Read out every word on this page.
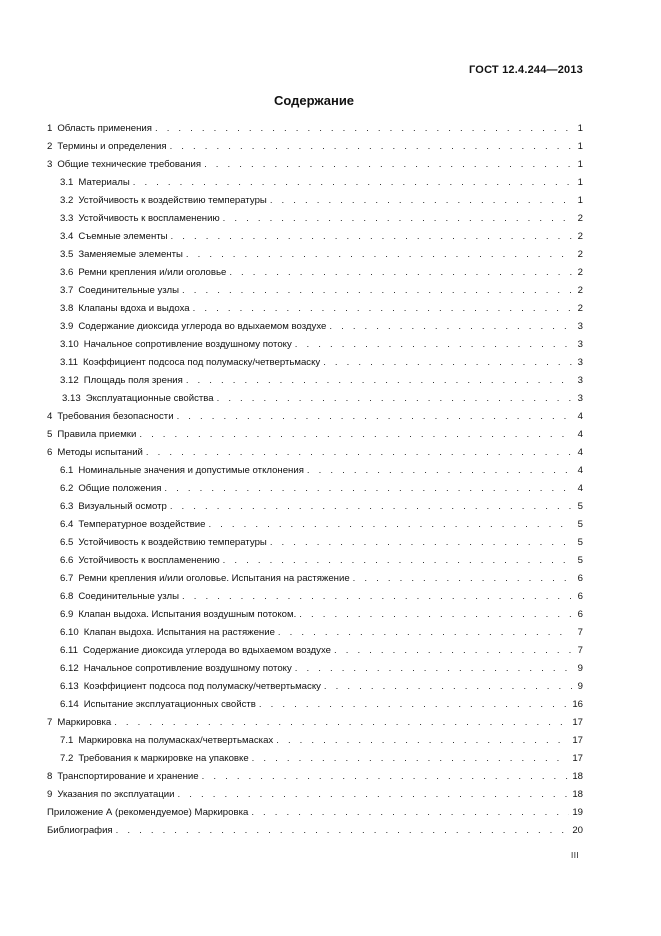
ГОСТ 12.4.244—2013
Содержание
1 Область применения . . .	1
2 Термины и определения . . .	1
3 Общие технические требования . . .	1
3.1 Материалы . . .	1
3.2 Устойчивость к воздействию температуры . . .	1
3.3 Устойчивость к воспламенению . . .	2
3.4 Съемные элементы . . .	2
3.5 Заменяемые элементы . . .	2
3.6 Ремни крепления и/или оголовье . . .	2
3.7 Соединительные узлы . . .	2
3.8 Клапаны вдоха и выдоха . . .	2
3.9 Содержание диоксида углерода во вдыхаемом воздухе . . .	3
3.10 Начальное сопротивление воздушному потоку . . .	3
3.11 Коэффициент подсоса под полумаску/четвертьмаску . . .	3
3.12 Площадь поля зрения . . .	3
3.13 Эксплуатационные свойства . . .	3
4 Требования безопасности . . .	4
5 Правила приемки . . .	4
6 Методы испытаний . . .	4
6.1 Номинальные значения и допустимые отклонения . . .	4
6.2 Общие положения . . .	4
6.3 Визуальный осмотр . . .	5
6.4 Температурное воздействие . . .	5
6.5 Устойчивость к воздействию температуры . . .	5
6.6 Устойчивость к воспламенению . . .	5
6.7 Ремни крепления и/или оголовье. Испытания на растяжение . . .	6
6.8 Соединительные узлы . . .	6
6.9 Клапан выдоха. Испытания воздушным потоком. . . .	6
6.10 Клапан выдоха. Испытания на растяжение . . .	7
6.11 Содержание диоксида углерода во вдыхаемом воздухе . . .	7
6.12 Начальное сопротивление воздушному потоку . . .	9
6.13 Коэффициент подсоса под полумаску/четвертьмаску . . .	9
6.14 Испытание эксплуатационных свойств . . .	16
7 Маркировка . . .	17
7.1 Маркировка на полумасках/четвертьмасках . . .	17
7.2 Требования к маркировке на упаковке . . .	17
8 Транспортирование и хранение . . .	18
9 Указания по эксплуатации . . .	18
Приложение А (рекомендуемое) Маркировка . . .	19
Библиография . . .	20
III
